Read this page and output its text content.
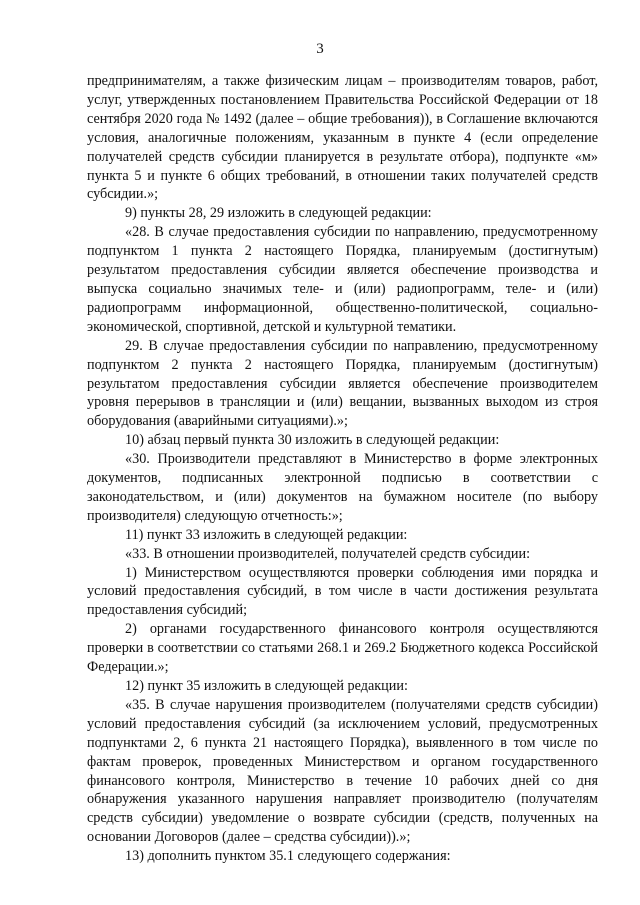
3

предпринимателям, а также физическим лицам – производителям товаров, работ, услуг, утвержденных постановлением Правительства Российской Федерации от 18 сентября 2020 года № 1492 (далее – общие требования)), в Соглашение включаются условия, аналогичные положениям, указанным в пункте 4 (если определение получателей средств субсидии планируется в результате отбора), подпункте «м» пункта 5 и пункте 6 общих требований, в отношении таких получателей средств субсидии.»;

9) пункты 28, 29 изложить в следующей редакции:

«28. В случае предоставления субсидии по направлению, предусмотренному подпунктом 1 пункта 2 настоящего Порядка, планируемым (достигнутым) результатом предоставления субсидии является обеспечение производства и выпуска социально значимых теле- и (или) радиопрограмм, теле- и (или) радиопрограмм информационной, общественно-политической, социально-экономической, спортивной, детской и культурной тематики.

29. В случае предоставления субсидии по направлению, предусмотренному подпунктом 2 пункта 2 настоящего Порядка, планируемым (достигнутым) результатом предоставления субсидии является обеспечение производителем уровня перерывов в трансляции и (или) вещании, вызванных выходом из строя оборудования (аварийными ситуациями).»;

10) абзац первый пункта 30 изложить в следующей редакции:

«30. Производители представляют в Министерство в форме электронных документов, подписанных электронной подписью в соответствии с законодательством, и (или) документов на бумажном носителе (по выбору производителя) следующую отчетность:»;

11) пункт 33 изложить в следующей редакции:

«33. В отношении производителей, получателей средств субсидии:

1) Министерством осуществляются проверки соблюдения ими порядка и условий предоставления субсидий, в том числе в части достижения результата предоставления субсидий;

2) органами государственного финансового контроля осуществляются проверки в соответствии со статьями 268.1 и 269.2 Бюджетного кодекса Российской Федерации.»;

12) пункт 35 изложить в следующей редакции:

«35. В случае нарушения производителем (получателями средств субсидии) условий предоставления субсидий (за исключением условий, предусмотренных подпунктами 2, 6 пункта 21 настоящего Порядка), выявленного в том числе по фактам проверок, проведенных Министерством и органом государственного финансового контроля, Министерство в течение 10 рабочих дней со дня обнаружения указанного нарушения направляет производителю (получателям средств субсидии) уведомление о возврате субсидии (средств, полученных на основании Договоров (далее – средства субсидии)).»;

13) дополнить пунктом 35.1 следующего содержания:
